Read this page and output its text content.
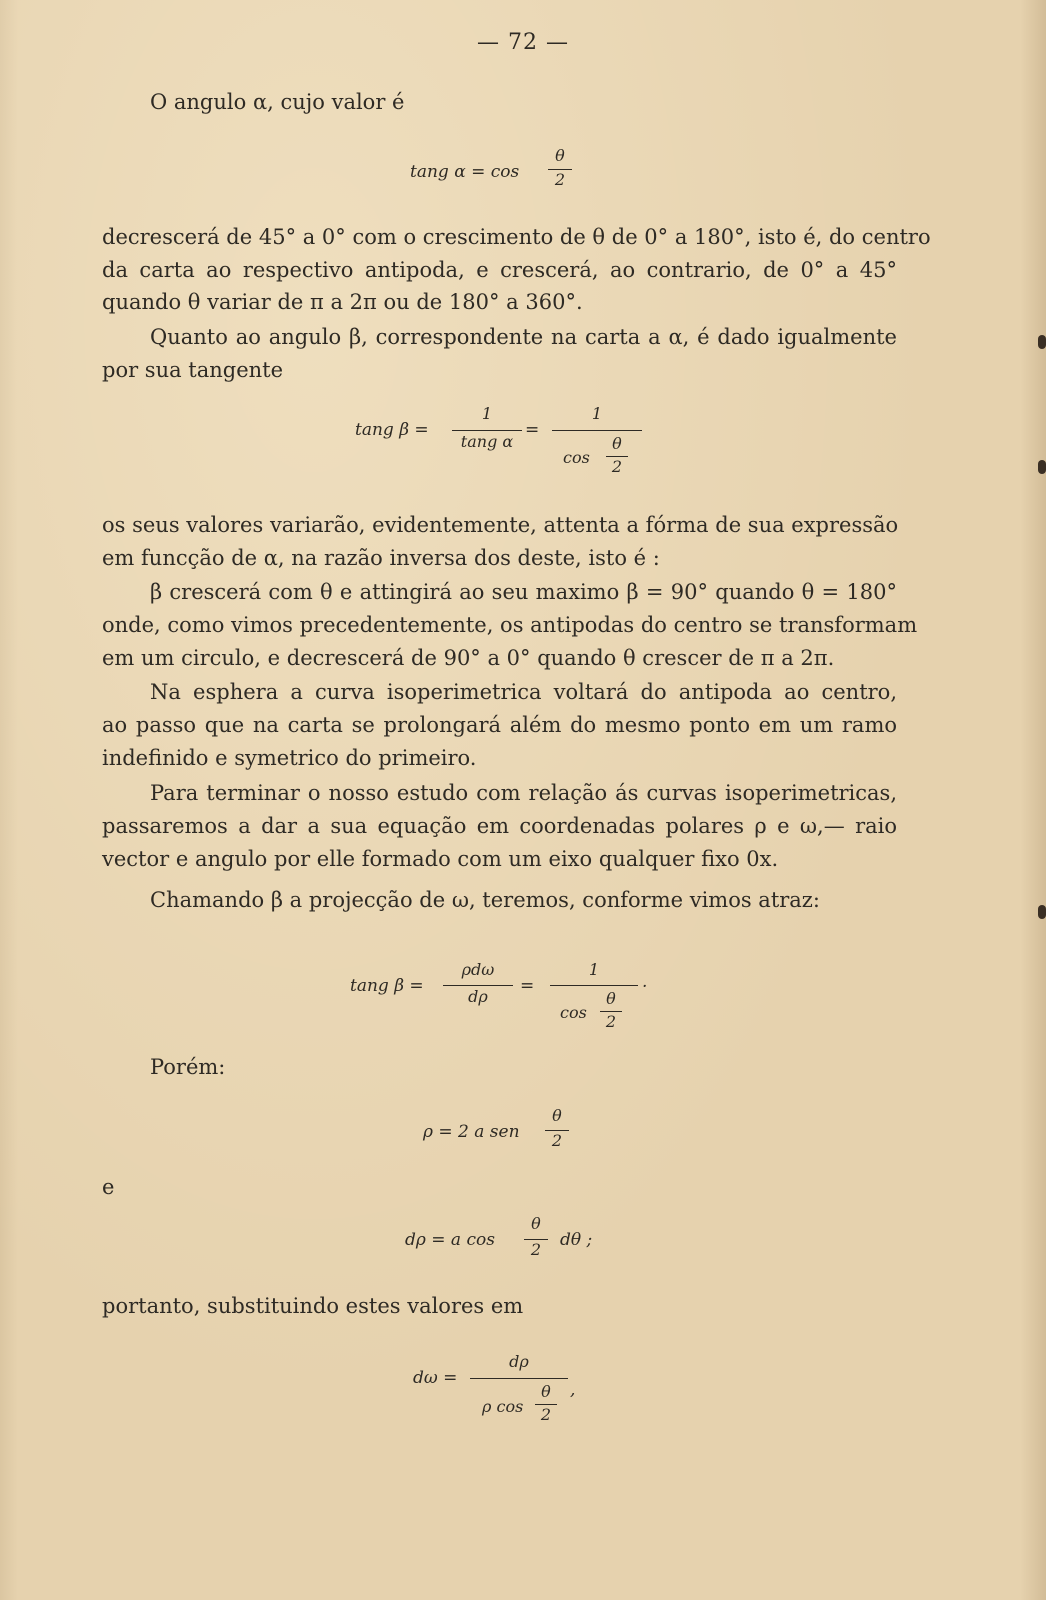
— 72 —
O angulo α, cujo valor é
tang α = cos
θ
2
decrescerá de 45° a 0° com o crescimento de θ de 0° a 180°, isto é, do centro
da carta ao respectivo antipoda, e crescerá, ao contrario, de 0° a 45°
quando θ variar de π a 2π ou de 180° a 360°.
Quanto ao angulo β, correspondente na carta a α, é dado igualmente
por sua tangente
tang β =
1
tang α
=
1
cos
θ
2
os seus valores variarão, evidentemente, attenta a fórma de sua expressão
em funcção de α, na razão inversa dos deste, isto é :
β crescerá com θ e attingirá ao seu maximo β = 90° quando θ = 180°
onde, como vimos precedentemente, os antipodas do centro se transformam
em um circulo, e decrescerá de 90° a 0° quando θ crescer de π a 2π.
Na esphera a curva isoperimetrica voltará do antipoda ao centro,
ao passo que na carta se prolongará além do mesmo ponto em um ramo
indefinido e symetrico do primeiro.
Para terminar o nosso estudo com relação ás curvas isoperimetricas,
passaremos a dar a sua equação em coordenadas polares ρ e ω,— raio
vector e angulo por elle formado com um eixo qualquer fixo 0x.
Chamando β a projecção de ω, teremos, conforme vimos atraz:
tang β =
ρdω
dρ
=
1
cos
θ
2
.
Porém:
ρ = 2 a sen
θ
2
e
dρ = a cos
θ
2	dθ ;
portanto, substituindo estes valores em
dω =
dρ
ρ cos
θ
2
,
